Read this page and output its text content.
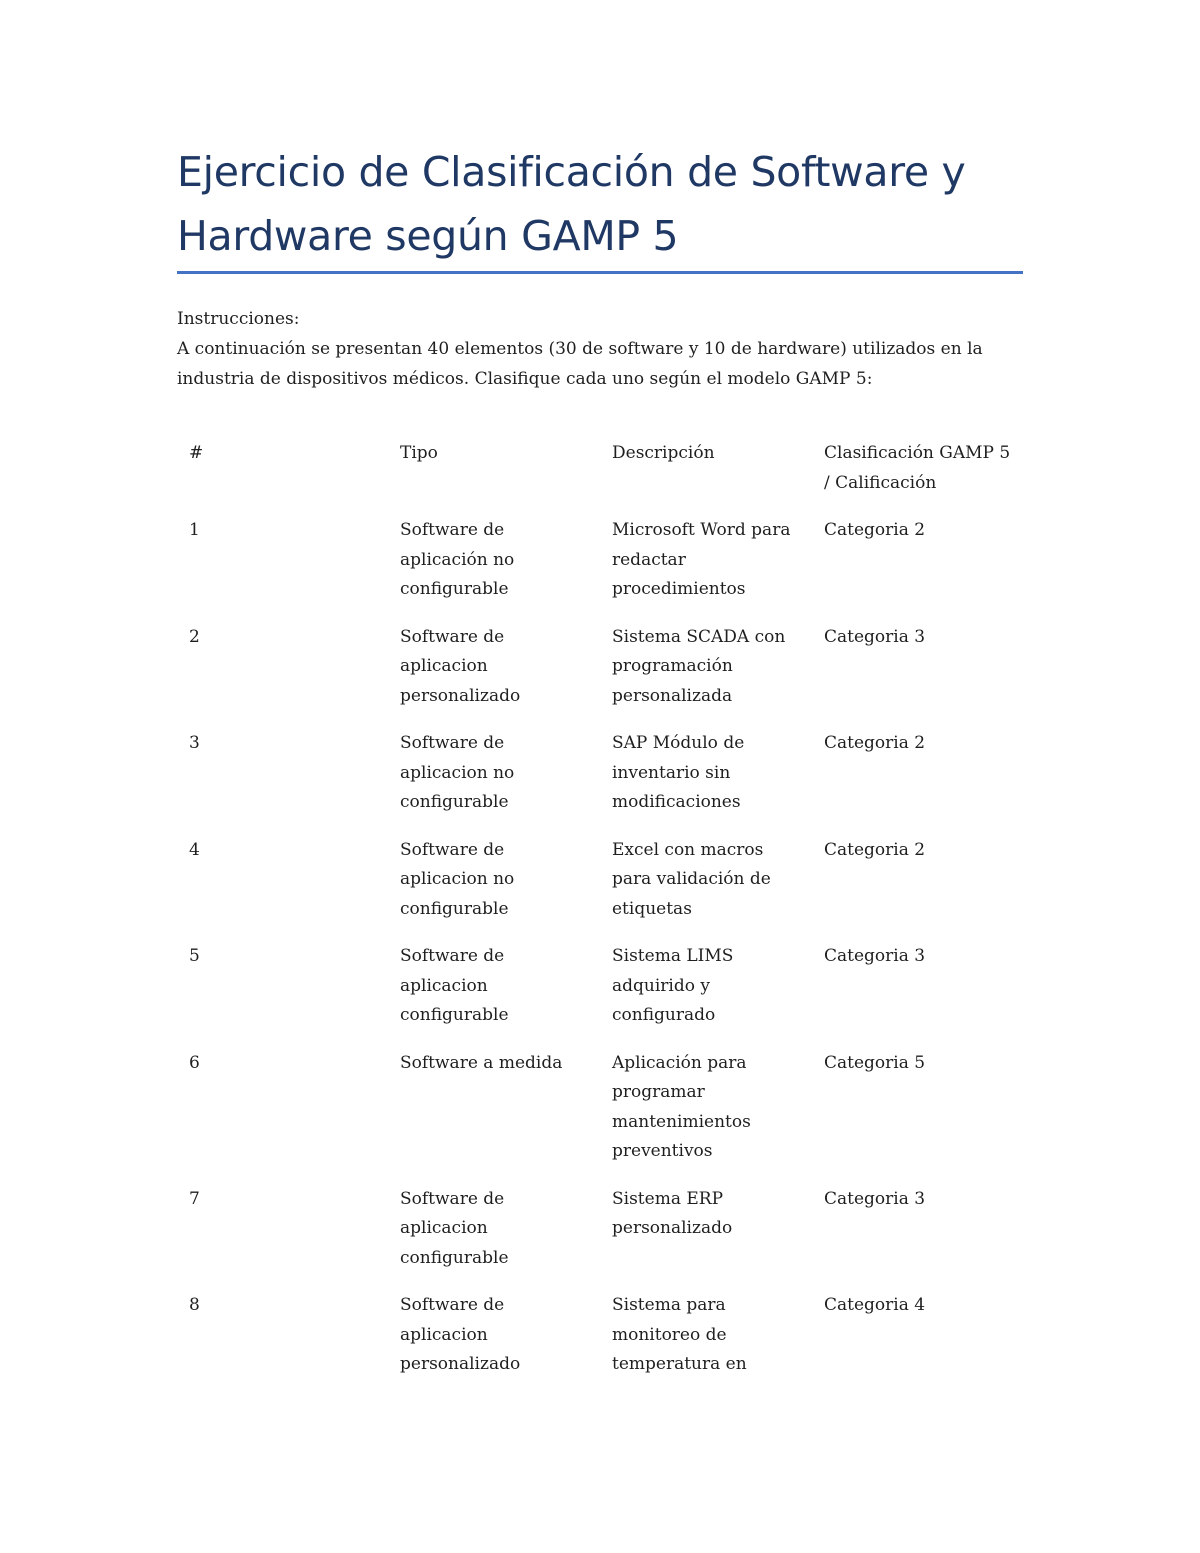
Ejercicio de Clasificación de Software y Hardware según GAMP 5

Instrucciones:

A continuación se presentan 40 elementos (30 de software y 10 de hardware) utilizados en la industria de dispositivos médicos. Clasifique cada uno según el modelo GAMP 5:

#	Tipo	Descripción	Clasificación GAMP 5 / Calificación
1	Software de aplicación no configurable	Microsoft Word para redactar procedimientos	Categoria 2
2	Software de aplicacion personalizado	Sistema SCADA con programación personalizada	Categoria 3
3	Software de aplicacion no configurable	SAP Módulo de inventario sin modificaciones	Categoria 2
4	Software de aplicacion no configurable	Excel con macros para validación de etiquetas	Categoria 2
5	Software de aplicacion configurable	Sistema LIMS adquirido y configurado	Categoria 3
6	Software a medida	Aplicación para programar mantenimientos preventivos	Categoria 5
7	Software de aplicacion configurable	Sistema ERP personalizado	Categoria 3
8	Software de aplicacion personalizado	Sistema para monitoreo de temperatura en	Categoria 4
